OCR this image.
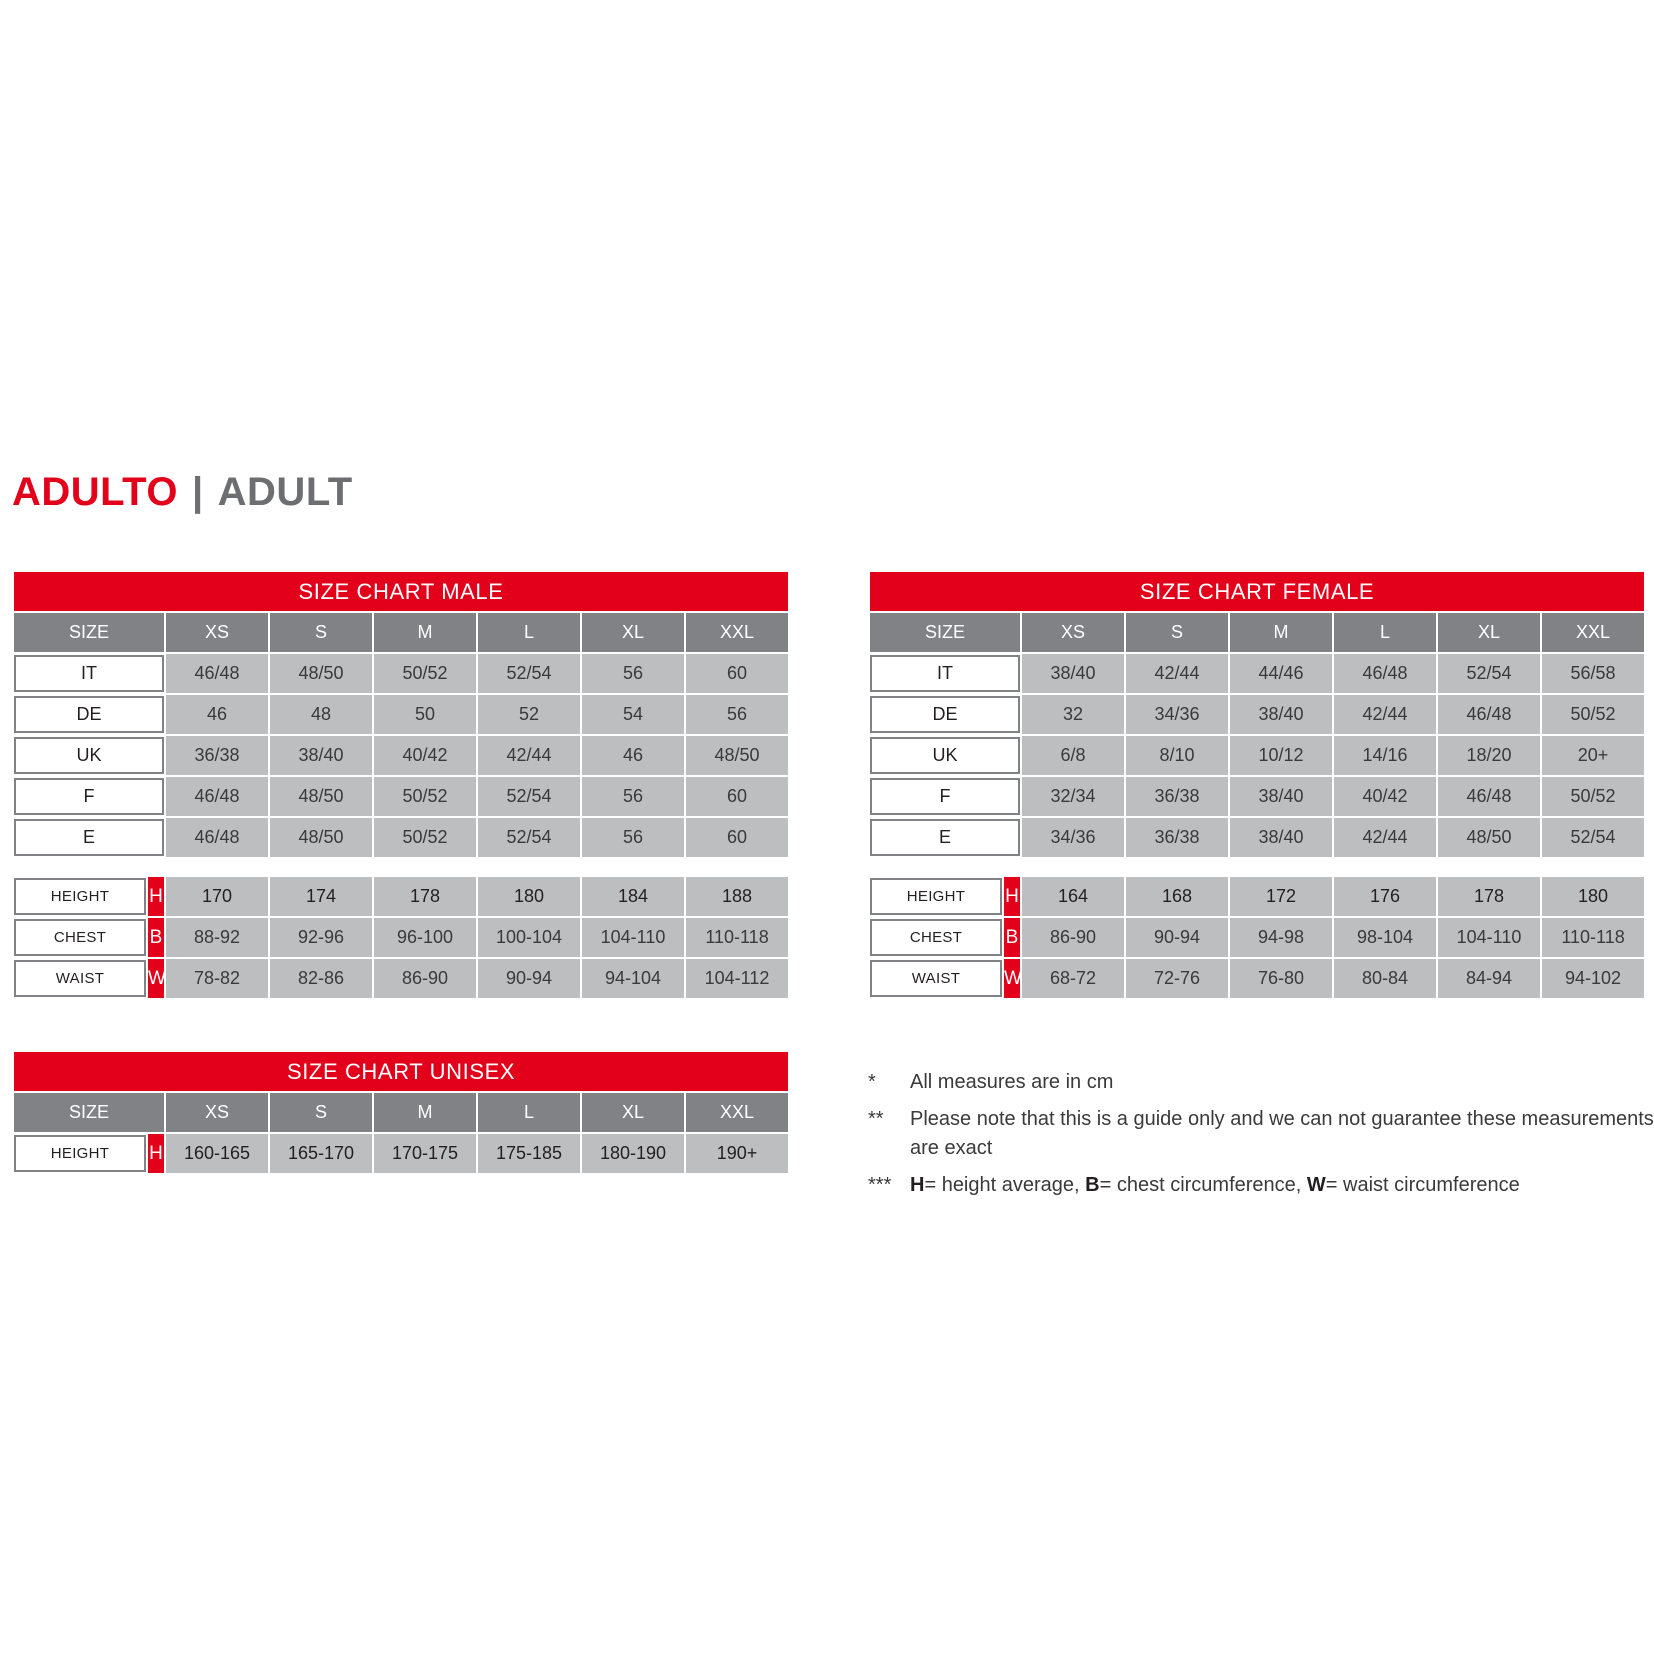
ADULTO | ADULT
SIZE CHART MALE							
SIZE		XS	S	M	L	XL	XXL

IT		46/48	48/50	50/52	52/54	56	60

DE		46	48	50	52	54	56

UK		36/38	38/40	40/42	42/44	46	48/50

F		46/48	48/50	50/52	52/54	56	60

E		46/48	48/50	50/52	52/54	56	60

HEIGHT	H	170	174	178	180	184	188

CHEST	B	88-92	92-96	96-100	100-104	104-110	110-118

WAIST	W	78-82	82-86	86-90	90-94	94-104	104-112
SIZE CHART FEMALE							
SIZE		XS	S	M	L	XL	XXL

IT		38/40	42/44	44/46	46/48	52/54	56/58

DE		32	34/36	38/40	42/44	46/48	50/52

UK		6/8	8/10	10/12	14/16	18/20	20+

F		32/34	36/38	38/40	40/42	46/48	50/52

E		34/36	36/38	38/40	42/44	48/50	52/54

HEIGHT	H	164	168	172	176	178	180

CHEST	B	86-90	90-94	94-98	98-104	104-110	110-118

WAIST	W	68-72	72-76	76-80	80-84	84-94	94-102
SIZE CHART UNISEX							
SIZE		XS	S	M	L	XL	XXL

HEIGHT	H	160-165	165-170	170-175	175-185	180-190	190+
*	All measures are in cm
**	Please note that this is a guide only and we can not guarantee these measurements are exact
*** H= height average, B= chest circumference, W= waist circumference
